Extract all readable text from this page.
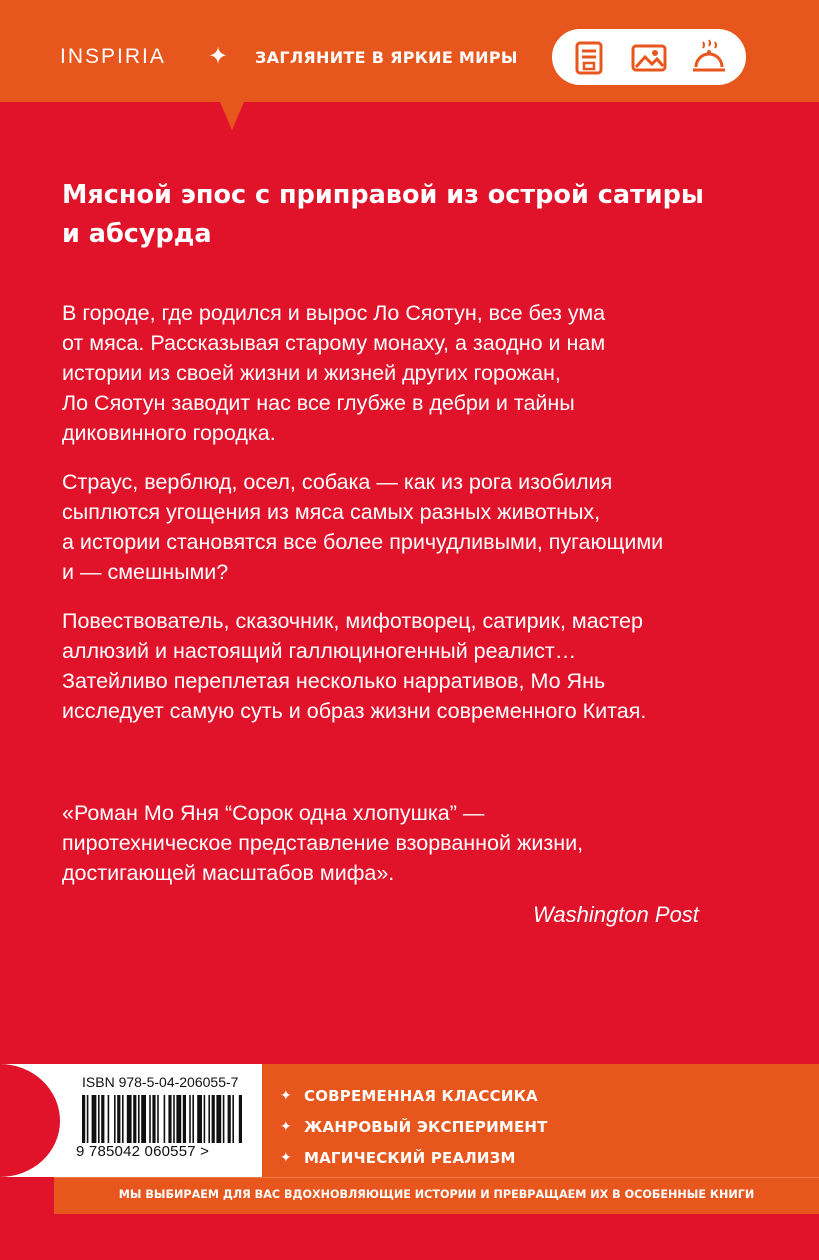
INSPIRIA ✦ ЗАГЛЯНИТЕ В ЯРКИЕ МИРЫ
Мясной эпос с приправой из острой сатиры
и абсурда
В городе, где родился и вырос Ло Сяотун, все без ума
от мяса. Рассказывая старому монаху, а заодно и нам
истории из своей жизни и жизней других горожан,
Ло Сяотун заводит нас все глубже в дебри и тайны
диковинного городка.
Страус, верблюд, осел, собака — как из рога изобилия
сыплются угощения из мяса самых разных животных,
а истории становятся все более причудливыми, пугающими
и — смешными?
Повествователь, сказочник, мифотворец, сатирик, мастер
аллюзий и настоящий галлюциногенный реалист…
Затейливо переплетая несколько нарративов, Мо Янь
исследует самую суть и образ жизни современного Китая.
«Роман Мо Яня “Сорок одна хлопушка” —
пиротехническое представление взорванной жизни,
достигающей масштабов мифа».
Washington Post
ISBN 978-5-04-206055-7
9 785042 060557 >
✦ СОВРЕМЕННАЯ КЛАССИКА
✦ ЖАНРОВЫЙ ЭКСПЕРИМЕНТ
✦ МАГИЧЕСКИЙ РЕАЛИЗМ
МЫ ВЫБИРАЕМ ДЛЯ ВАС ВДОХНОВЛЯЮЩИЕ ИСТОРИИ И ПРЕВРАЩАЕМ ИХ В ОСОБЕННЫЕ КНИГИ
